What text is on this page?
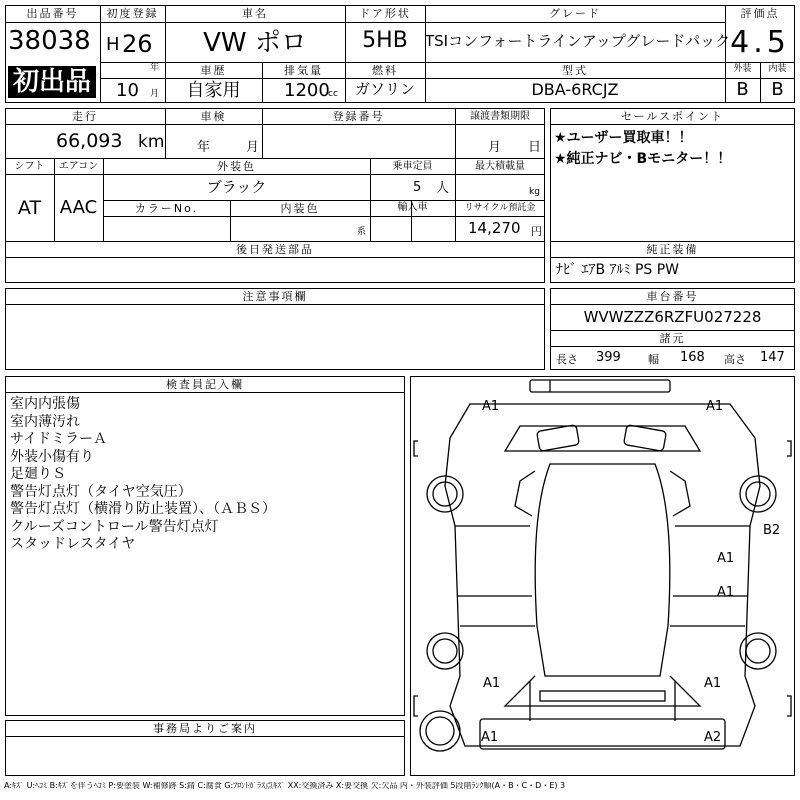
出品番号
38038
初出品
初度登録
H 26
年
10 月
車名
VW ポロ
車歴
自家用
排気量
1200
cc
ドア形状
5HB
燃料
ガソリン
グレード
TSIコンフォートラインアップグレードパック
型式
DBA-6RCJZ
評価点
4.5
外装	内装
B	B
走行
66,093 km
車検
年	月
登録番号	譲渡書類期限
月 日
シフト
AT
エアコン
AAC
外装色
ブラック
乗車定員
5 人
最大積載量
kg
カラーNo.	内装色
系
輸入車	リサイクル預託金
14,270 円
後日発送部品
セールスポイント
★ユーザー買取車！！
★純正ナビ・Bモニター！！
純正装備
ﾅﾋﾞ ｴｱB ｱﾙﾐ PS PW
注意事項欄	車台番号
WVWZZZ6RZFU027228
諸元
長さ 399 幅 168 高さ 147
検査員記入欄
室内内張傷
室内薄汚れ
サイドミラーＡ
外装小傷有り
足廻りＳ
警告灯点灯（タイヤ空気圧）
警告灯点灯（横滑り防止装置）、（ＡＢＳ）
クルーズコントロール警告灯点灯
スタッドレスタイヤ
事務局よりご案内
A1	A1
B2
A1
A1
A1	A1
A1	A2
A:ｷｽﾞ U:ﾍｺﾐ B:ｷｽﾞを伴うﾍｺﾐ P:要塗装 W:補修跡 S:錆 C:腐食 G:ﾌﾛﾝﾄｶﾞﾗｽ点ｷｽﾞ XX:交換済み X:要交換 欠:欠品 内・外装評価 5段階ﾗﾝｸ順(A・B・C・D・E) 3
